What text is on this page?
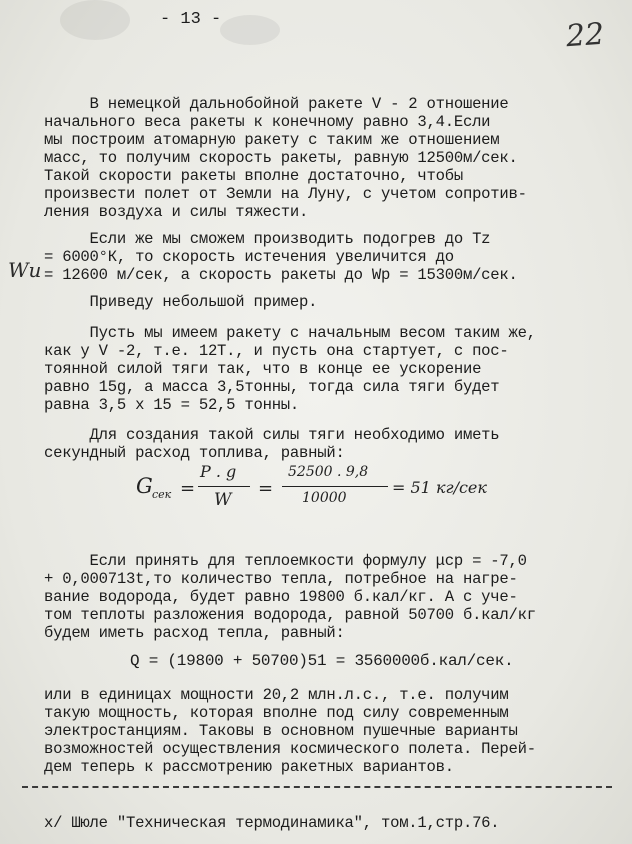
- 13 -	22
В немецкой дальнобойной ракете V - 2 отношение
начального веса ракеты к конечному равно 3,4.Если
мы построим атомарную ракету с таким же отношением
масс, то получим скорость ракеты, равную 12500м/сек.
Такой скорости ракеты вполне достаточно, чтобы
произвести полет от Земли на Луну, с учетом сопротив-
ления воздуха и силы тяжести.
Если же мы сможем производить подогрев до Tz
= 6000°К, то скорость истечения увеличится до
= 12600 м/сек, а скорость ракеты до Wp = 15300м/сек.
Wи
Приведу небольшой пример.
Пусть мы имеем ракету с начальным весом таким же,
как у V -2, т.е. 12Т., и пусть она стартует, с пос-
тоянной силой тяги так, что в конце ее ускорение
равно 15g, а масса 3,5тонны, тогда сила тяги будет
равна 3,5 x 15 = 52,5 тонны.
Для создания такой силы тяги необходимо иметь
секундный расход топлива, равный:
G сек =
P . g
W
=
52500 . 9,8
10000
= 51 кг/сек
Если принять для теплоемкости формулу μcp = -7,0
+ 0,000713t,то количество тепла, потребное на нагре-
вание водорода, будет равно 19800 б.кал/кг. А с уче-
том теплоты разложения водорода, равной 50700 б.кал/кг
будем иметь расход тепла, равный:
Q = (19800 + 50700)51 = 3560000б.кал/сек.
или в единицах мощности 20,2 млн.л.с., т.е. получим
такую мощность, которая вполне под силу современным
электростанциям. Таковы в основном пушечные варианты
возможностей осуществления космического полета. Перей-
дем теперь к рассмотрению ракетных вариантов.
x/ Шюле "Техническая термодинамика", том.1,стр.76.
